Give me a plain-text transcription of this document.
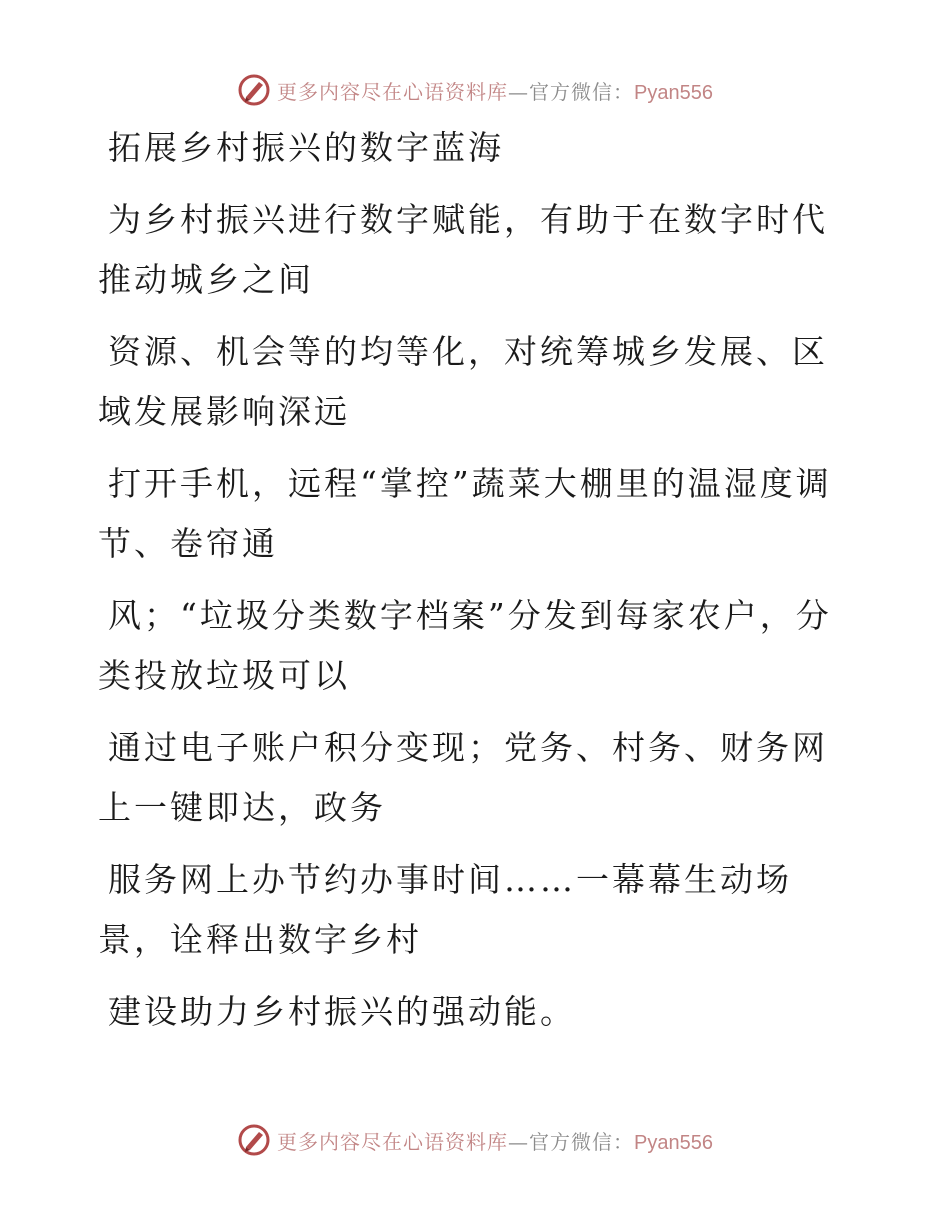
更多内容尽在心语资料库—官方微信：Pyan556

拓展乡村振兴的数字蓝海

为乡村振兴进行数字赋能，有助于在数字时代推动城乡之间

资源、机会等的均等化，对统筹城乡发展、区域发展影响深远

打开手机，远程“掌控”蔬菜大棚里的温湿度调节、卷帘通

风；“垃圾分类数字档案”分发到每家农户，分类投放垃圾可以

通过电子账户积分变现；党务、村务、财务网上一键即达，政务

服务网上办节约办事时间……一幕幕生动场景，诠释出数字乡村

建设助力乡村振兴的强动能。

更多内容尽在心语资料库—官方微信：Pyan556
